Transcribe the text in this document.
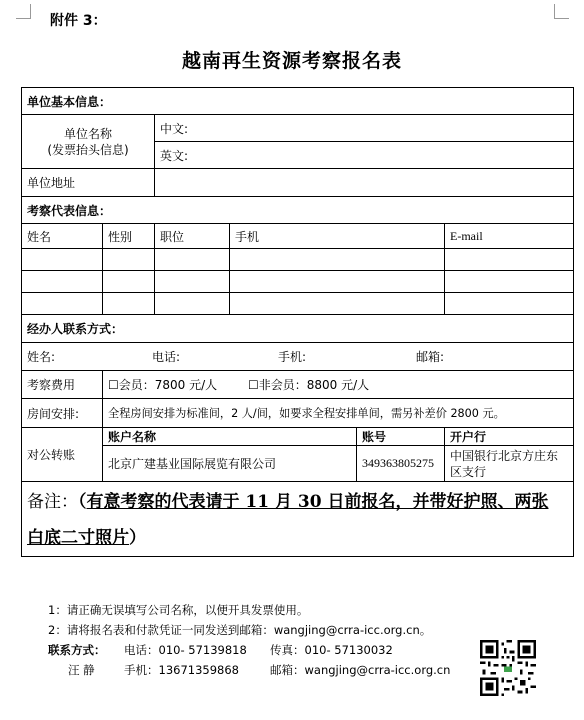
附件 3：
越南再生资源考察报名表
单位基本信息：					
单位名称
(发票抬头信息)		中文:			
		英文:			
单位地址					
考察代表信息：					
姓名	性别	职位	手机		E-mail

经办人联系方式：					
姓名: 电话: 手机: 邮箱:					
考察费用	☐会员：7800 元/人 ☐非会员：8800 元/人				
房间安排:	全程房间安排为标准间，2 人/间，如要求全程安排单间，需另补差价 2800 元。				
对公转账	账户名称			账号	开户行
	北京广建基业国际展览有限公司			349363805275	中国银行北京方庄东区支行

备注：（有意考察的代表请于 11 月 30 日前报名，并带好护照、两张
白底二寸照片）					
1：请正确无误填写公司名称，以便开具发票使用。
2：请将报名表和付款凭证一同发送到邮箱：wangjing@crra-icc.org.cn。
联系方式： 电话：010- 57139818 传真：010- 57130032
汪 静	手机：13671359868	邮箱：wangjing@crra-icc.org.cn
